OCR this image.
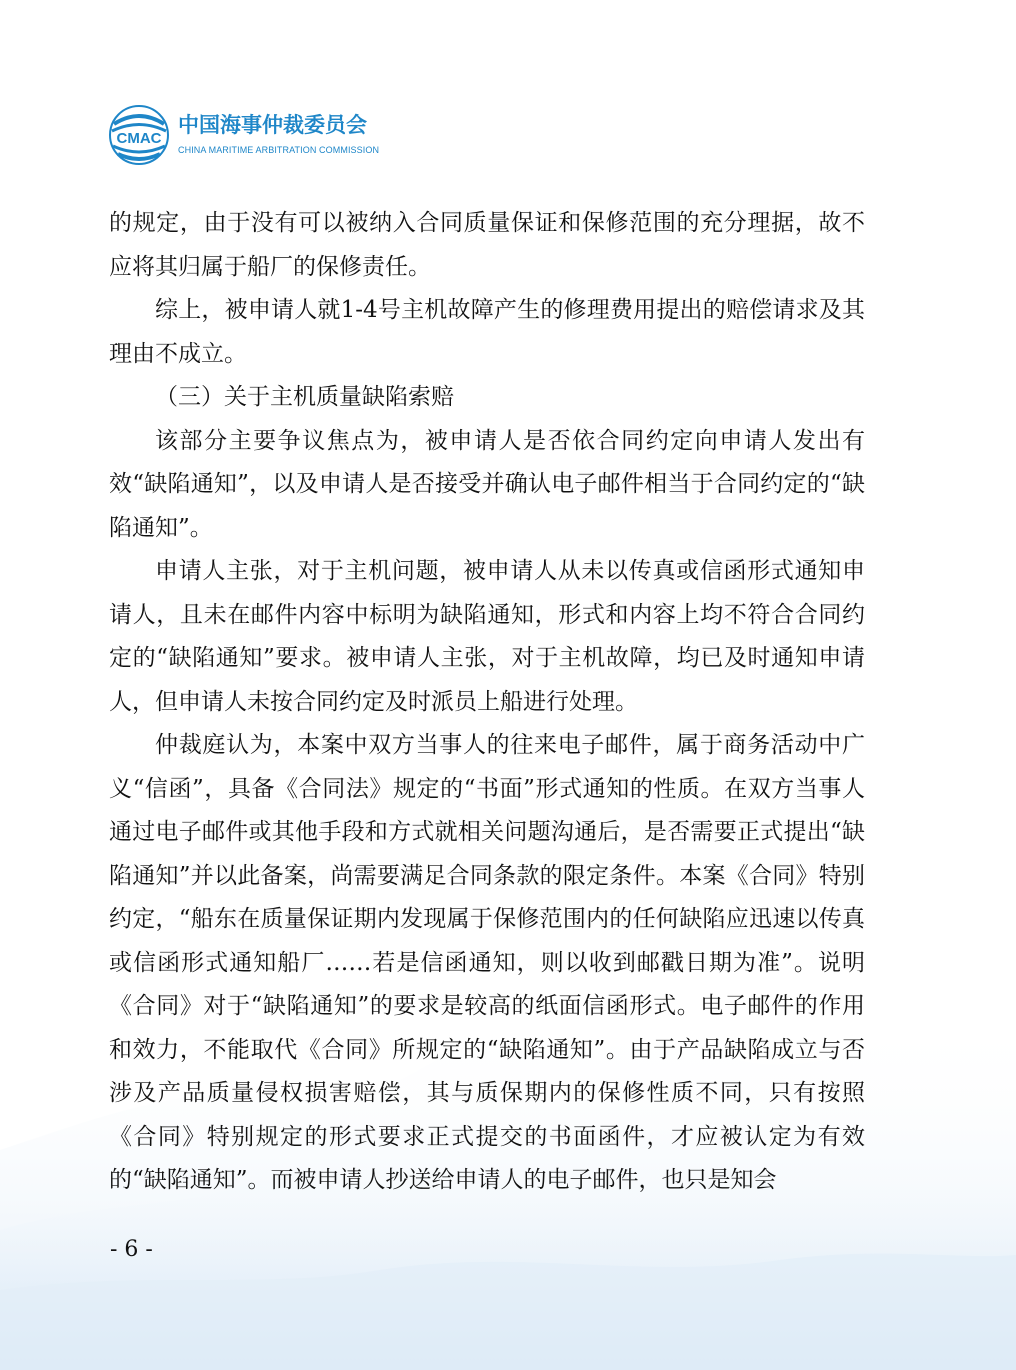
CMAC
中国海事仲裁委员会
CHINA MARITIME ARBITRATION COMMISSION

的规定，由于没有可以被纳入合同质量保证和保修范围的充分理据，故不应将其归属于船厂的保修责任。

综上，被申请人就1-4号主机故障产生的修理费用提出的赔偿请求及其理由不成立。

（三）关于主机质量缺陷索赔

该部分主要争议焦点为，被申请人是否依合同约定向申请人发出有效“缺陷通知”，以及申请人是否接受并确认电子邮件相当于合同约定的“缺陷通知”。

申请人主张，对于主机问题，被申请人从未以传真或信函形式通知申请人，且未在邮件内容中标明为缺陷通知，形式和内容上均不符合合同约定的“缺陷通知”要求。被申请人主张，对于主机故障，均已及时通知申请人，但申请人未按合同约定及时派员上船进行处理。

仲裁庭认为，本案中双方当事人的往来电子邮件，属于商务活动中广义“信函”，具备《合同法》规定的“书面”形式通知的性质。在双方当事人通过电子邮件或其他手段和方式就相关问题沟通后，是否需要正式提出“缺陷通知”并以此备案，尚需要满足合同条款的限定条件。本案《合同》特别约定，“船东在质量保证期内发现属于保修范围内的任何缺陷应迅速以传真或信函形式通知船厂……若是信函通知，则以收到邮戳日期为准”。说明《合同》对于“缺陷通知”的要求是较高的纸面信函形式。电子邮件的作用和效力，不能取代《合同》所规定的“缺陷通知”。由于产品缺陷成立与否涉及产品质量侵权损害赔偿，其与质保期内的保修性质不同，只有按照《合同》特别规定的形式要求正式提交的书面函件，才应被认定为有效的“缺陷通知”。而被申请人抄送给申请人的电子邮件，也只是知会

- 6 -
